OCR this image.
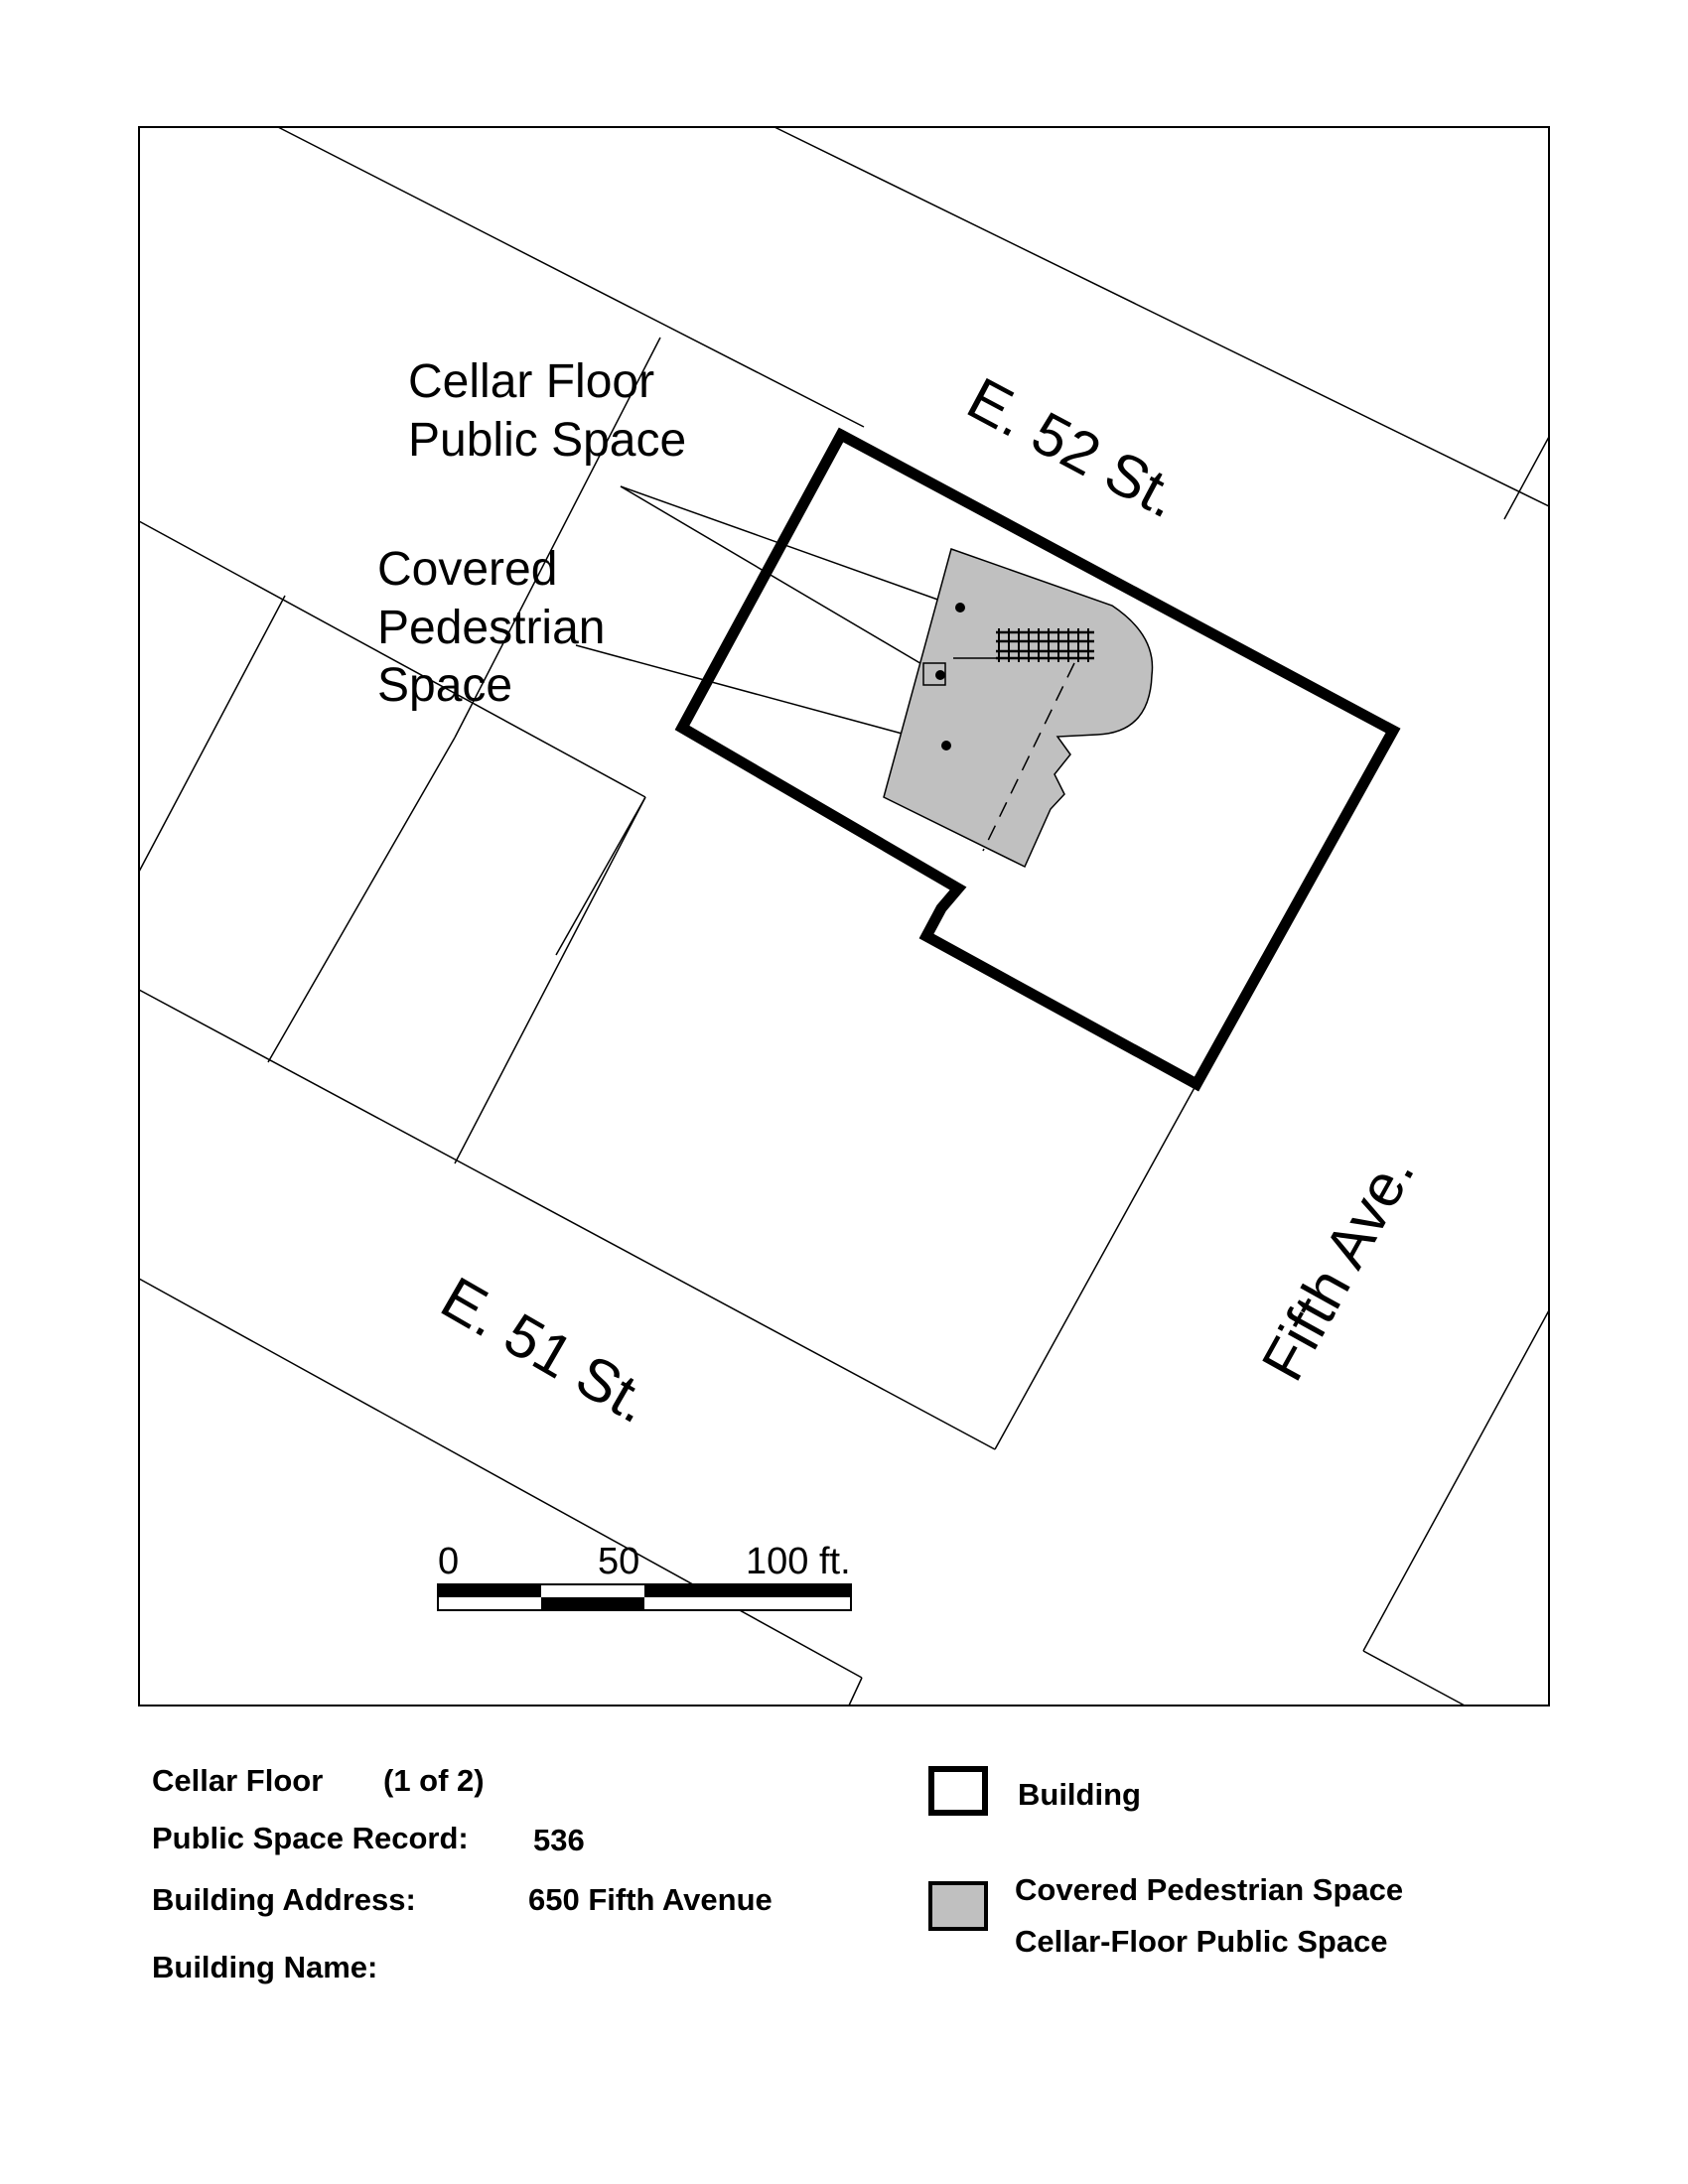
Cellar Floor
Public Space
Covered
Pedestrian
Space
E. 52 St.
E. 51 St.	Fifth Ave.
0	50	100 ft.
Cellar Floor (1 of 2)
Public Space Record: 536
Building Address:	650 Fifth Avenue
Building Name:
Building
Covered Pedestrian Space
Cellar-Floor Public Space
